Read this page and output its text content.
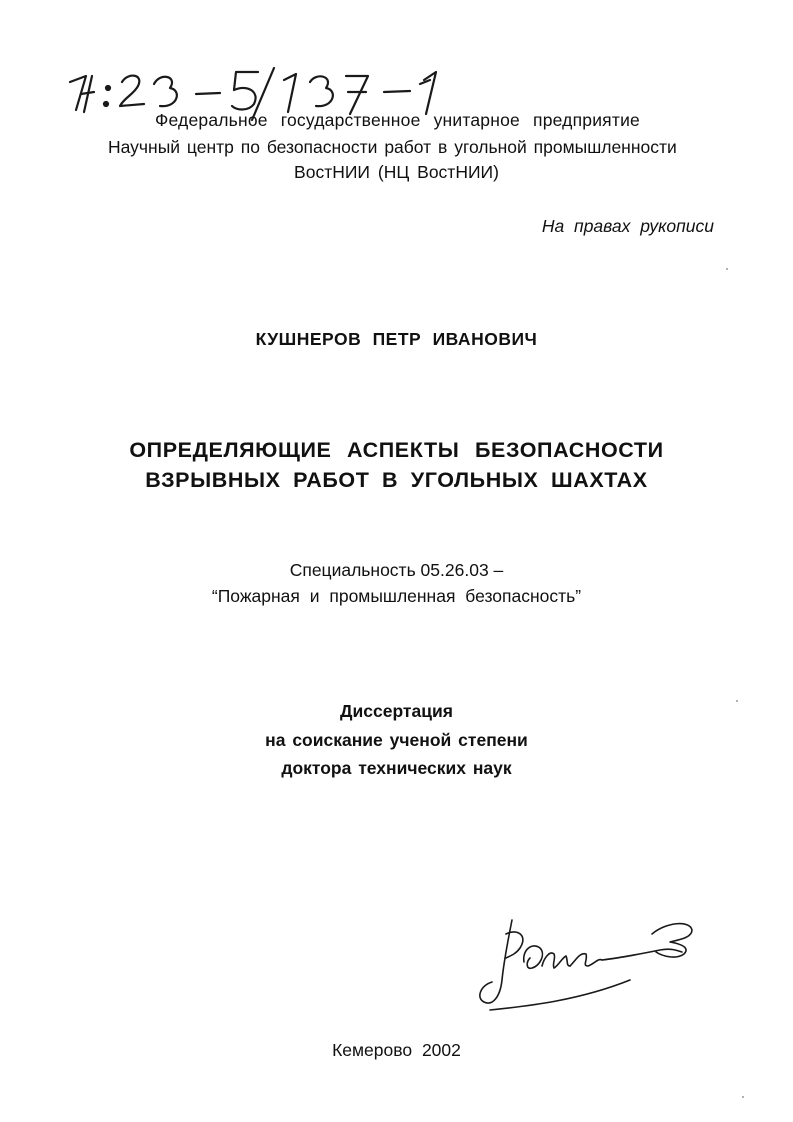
Федеральное государственное унитарное предприятие
Научный центр по безопасности работ в угольной промышленности
ВостНИИ (НЦ ВостНИИ)
На правах рукописи
КУШНЕРОВ ПЕТР ИВАНОВИЧ
ОПРЕДЕЛЯЮЩИЕ АСПЕКТЫ БЕЗОПАСНОСТИ
ВЗРЫВНЫХ РАБОТ В УГОЛЬНЫХ ШАХТАХ
Специальность 05.26.03 –
“Пожарная и промышленная безопасность”
Диссертация
на соискание ученой степени
доктора технических наук
Кемерово 2002
